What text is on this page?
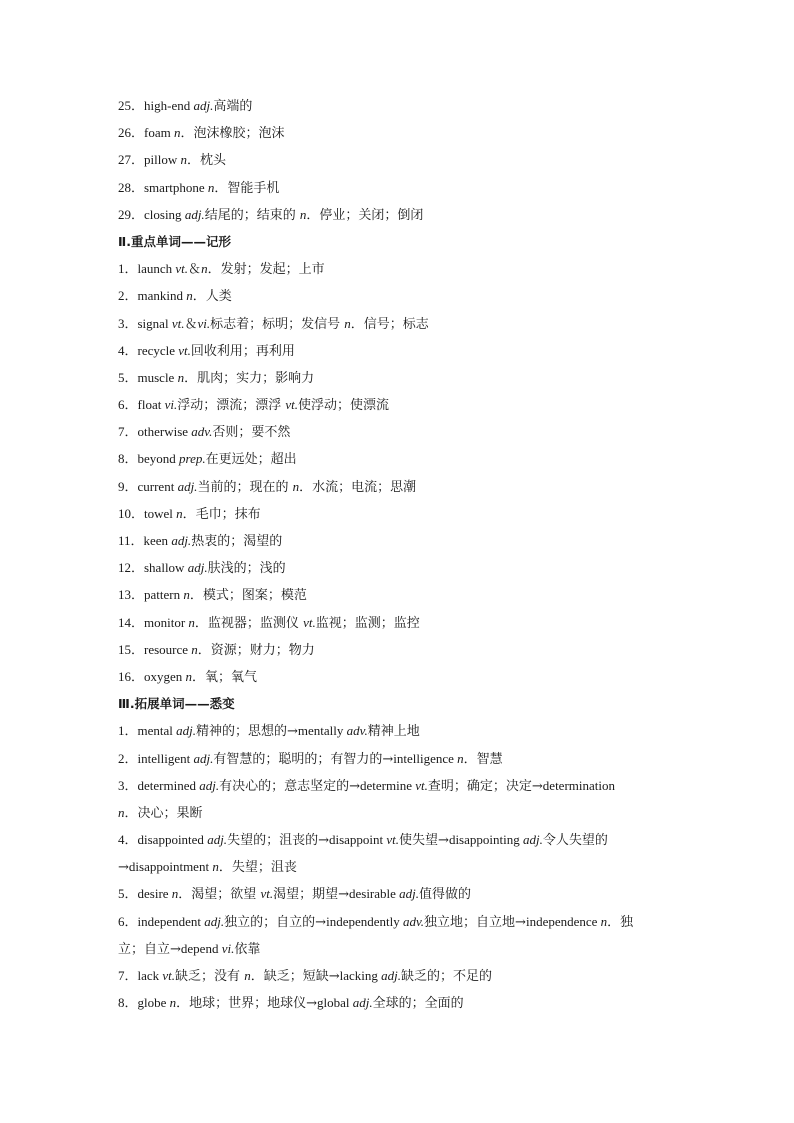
25．high-end adj.高端的
26．foam n．泡沫橡胶；泡沫
27．pillow n．枕头
28．smartphone n．智能手机
29．closing adj.结尾的；结束的 n．停业；关闭；倒闭
Ⅱ.重点单词——记形
1．launch vt.＆n．发射；发起；上市
2．mankind n．人类
3．signal vt.＆vi.标志着；标明；发信号 n．信号；标志
4．recycle vt.回收利用；再利用
5．muscle n．肌肉；实力；影响力
6．float vi.浮动；漂流；漂浮 vt.使浮动；使漂流
7．otherwise adv.否则；要不然
8．beyond prep.在更远处；超出
9．current adj.当前的；现在的 n．水流；电流；思潮
10．towel n．毛巾；抹布
11．keen adj.热衷的；渴望的
12．shallow adj.肤浅的；浅的
13．pattern n．模式；图案；模范
14．monitor n．监视器；监测仪 vt.监视；监测；监控
15．resource n．资源；财力；物力
16．oxygen n．氧；氧气
Ⅲ.拓展单词——悉变
1．mental adj.精神的；思想的→mentally adv.精神上地
2．intelligent adj.有智慧的；聪明的；有智力的→intelligence n．智慧
3．determined adj.有决心的；意志坚定的→determine vt.查明；确定；决定→determination
n．决心；果断
4．disappointed adj.失望的；沮丧的→disappoint vt.使失望→disappointing adj.令人失望的
→disappointment n．失望；沮丧
5．desire n．渴望；欲望 vt.渴望；期望→desirable adj.值得做的
6．independent adj.独立的；自立的→independently adv.独立地；自立地→independence n．独
立；自立→depend vi.依靠
7．lack vt.缺乏；没有 n．缺乏；短缺→lacking adj.缺乏的；不足的
8．globe n．地球；世界；地球仪→global adj.全球的；全面的
